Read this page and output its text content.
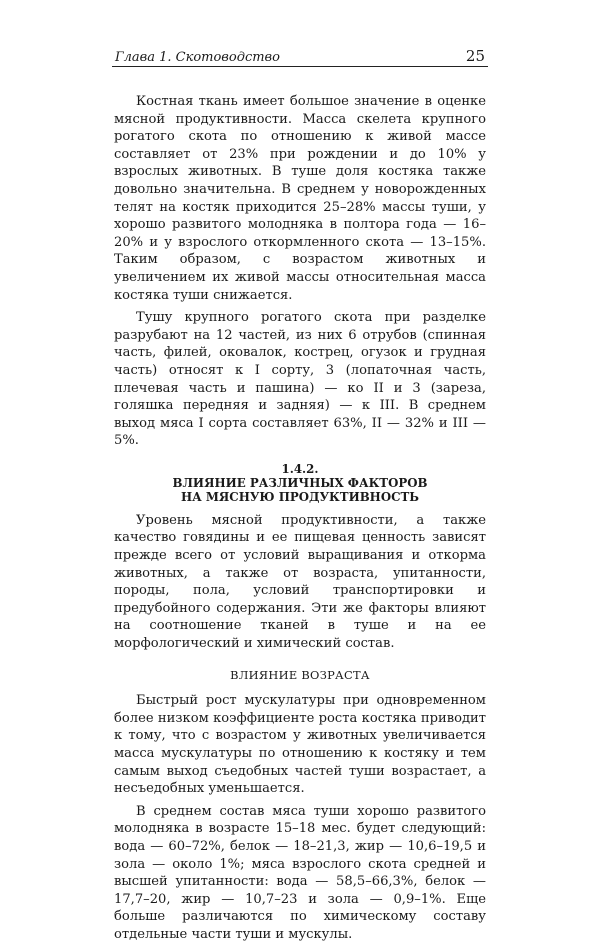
Глава 1. Скотоводство	25

Костная ткань имеет большое значение в оценке мясной продуктивности. Масса скелета крупного рогатого скота по отношению к живой массе составляет от 23% при рождении и до 10% у взрослых животных. В туше доля костяка также довольно значительна. В среднем у новорожденных телят на костяк приходится 25–28% массы туши, у хорошо развитого молодняка в полтора года — 16–20% и у взрослого откормленного скота — 13–15%. Таким образом, с возрастом животных и увеличением их живой массы относительная масса костяка туши снижается.

Тушу крупного рогатого скота при разделке разрубают на 12 частей, из них 6 отрубов (спинная часть, филей, оковалок, кострец, огузок и грудная часть) относят к I сорту, 3 (лопаточная часть, плечевая часть и пашина) — ко II и 3 (зареза, голяшка передняя и задняя) — к III. В среднем выход мяса I сорта составляет 63%, II — 32% и III — 5%.

1.4.2.
ВЛИЯНИЕ РАЗЛИЧНЫХ ФАКТОРОВ
НА МЯСНУЮ ПРОДУКТИВНОСТЬ

Уровень мясной продуктивности, а также качество говядины и ее пищевая ценность зависят прежде всего от условий выращивания и откорма животных, а также от возраста, упитанности, породы, пола, условий транспортировки и предубойного содержания. Эти же факторы влияют на соотношение тканей в туше и на ее морфологический и химический состав.

ВЛИЯНИЕ ВОЗРАСТА

Быстрый рост мускулатуры при одновременном более низком коэффициенте роста костяка приводит к тому, что с возрастом у животных увеличивается масса мускулатуры по отношению к костяку и тем самым выход съедобных частей туши возрастает, а несъедобных уменьшается.

В среднем состав мяса туши хорошо развитого молодняка в возрасте 15–18 мес. будет следующий: вода — 60–72%, белок — 18–21,3, жир — 10,6–19,5 и зола — около 1%; мяса взрослого скота средней и высшей упитанности: вода — 58,5–66,3%, белок — 17,7–20, жир — 10,7–23 и зола — 0,9–1%. Еще больше различаются по химическому составу отдельные части туши и мускулы.
